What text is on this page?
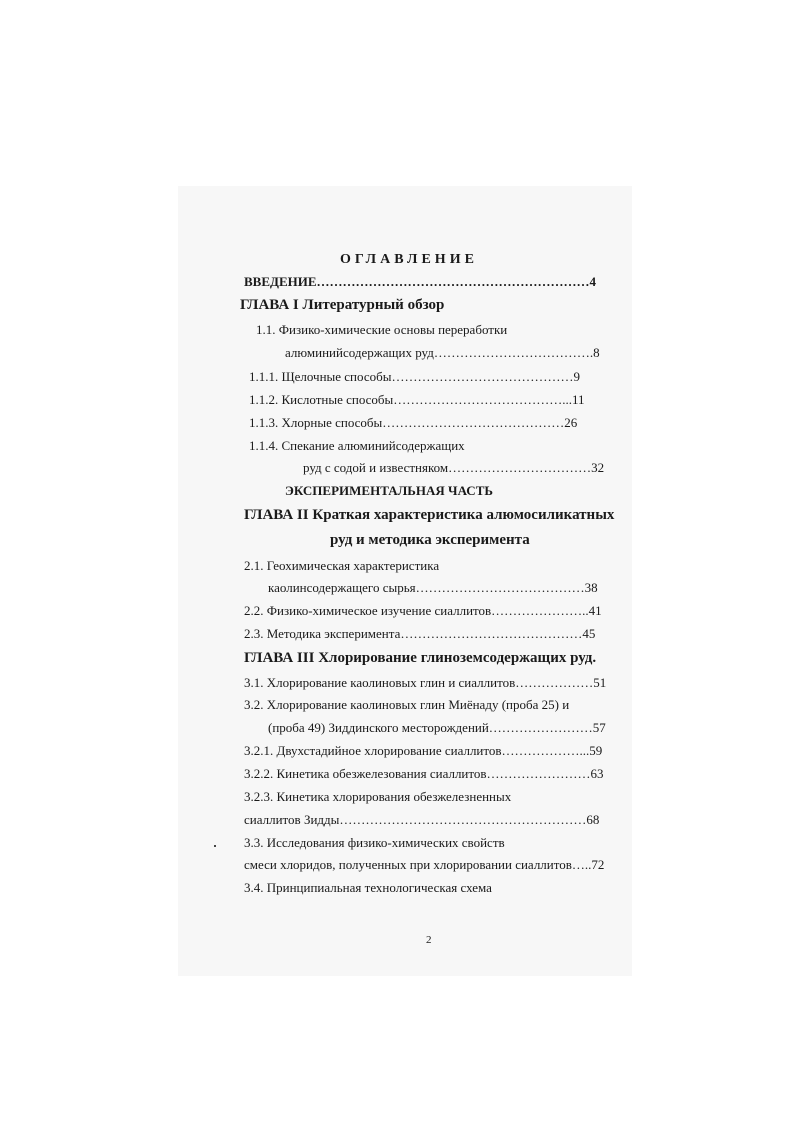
ОГЛАВЛЕНИЕ
ВВЕДЕНИЕ………………………………………………………4
ГЛАВА I Литературный обзор
1.1. Физико-химические основы переработки
алюминийсодержащих руд……………………………….8
1.1.1. Щелочные способы……………………………………9
1.1.2. Кислотные способы…………………………………...11
1.1.3. Хлорные способы……………………………………26
1.1.4. Спекание алюминийсодержащих
руд с содой и известняком……………………………32
ЭКСПЕРИМЕНТАЛЬНАЯ ЧАСТЬ
ГЛАВА II Краткая характеристика алюмосиликатных
руд и методика эксперимента
2.1. Геохимическая характеристика
каолинсодержащего сырья…………………………………38
2.2. Физико-химическое изучение сиаллитов…………………..41
2.3. Методика эксперимента……………………………………45
ГЛАВА III Хлорирование глиноземсодержащих руд.
3.1. Хлорирование каолиновых глин и сиаллитов………………51
3.2. Хлорирование каолиновых глин Миёнаду (проба 25) и
(проба 49) Зиддинского месторождений……………………57
3.2.1. Двухстадийное хлорирование сиаллитов………………...59
3.2.2. Кинетика обезжелезования сиаллитов……………………63
3.2.3. Кинетика хлорирования обезжелезненных
сиаллитов Зидды…………………………………………………68
3.3. Исследования физико-химических свойств
смеси хлоридов, полученных при хлорировании сиаллитов…..72
3.4. Принципиальная технологическая схема
2
